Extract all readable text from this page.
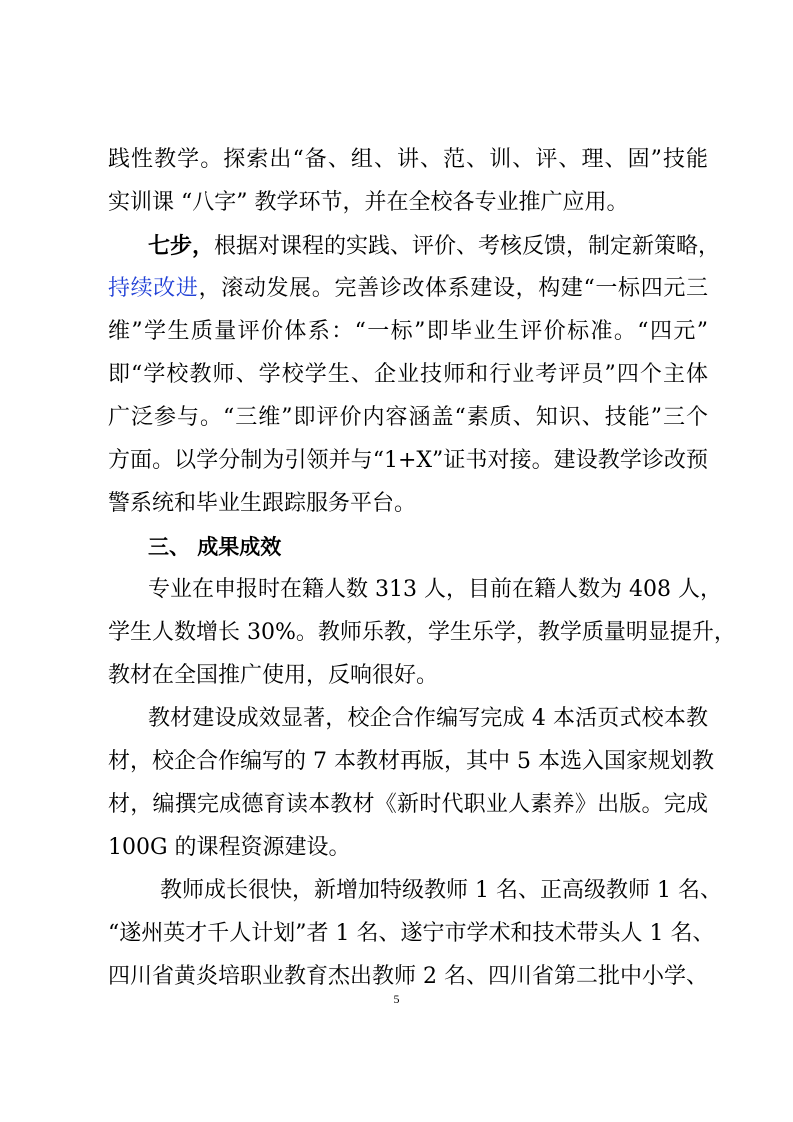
践性教学。探索出“备、组、讲、范、训、评、理、固”技能
实训课 “八字” 教学环节，并在全校各专业推广应用。
七步，根据对课程的实践、评价、考核反馈，制定新策略，
持续改进，滚动发展。完善诊改体系建设，构建“一标四元三
维”学生质量评价体系：“一标”即毕业生评价标准。“四元”
即“学校教师、学校学生、企业技师和行业考评员”四个主体
广泛参与。“三维”即评价内容涵盖“素质、知识、技能”三个
方面。以学分制为引领并与“1+X”证书对接。建设教学诊改预
警系统和毕业生跟踪服务平台。
三、 成果成效
专业在申报时在籍人数 313 人，目前在籍人数为 408 人，
学生人数增长 30%。教师乐教，学生乐学，教学质量明显提升，
教材在全国推广使用，反响很好。
教材建设成效显著，校企合作编写完成 4 本活页式校本教
材，校企合作编写的 7 本教材再版，其中 5 本选入国家规划教
材，编撰完成德育读本教材《新时代职业人素养》出版。完成
100G 的课程资源建设。
教师成长很快，新增加特级教师 1 名、正高级教师 1 名、
“遂州英才千人计划”者 1 名、遂宁市学术和技术带头人 1 名、
四川省黄炎培职业教育杰出教师 2 名、四川省第二批中小学、
5
